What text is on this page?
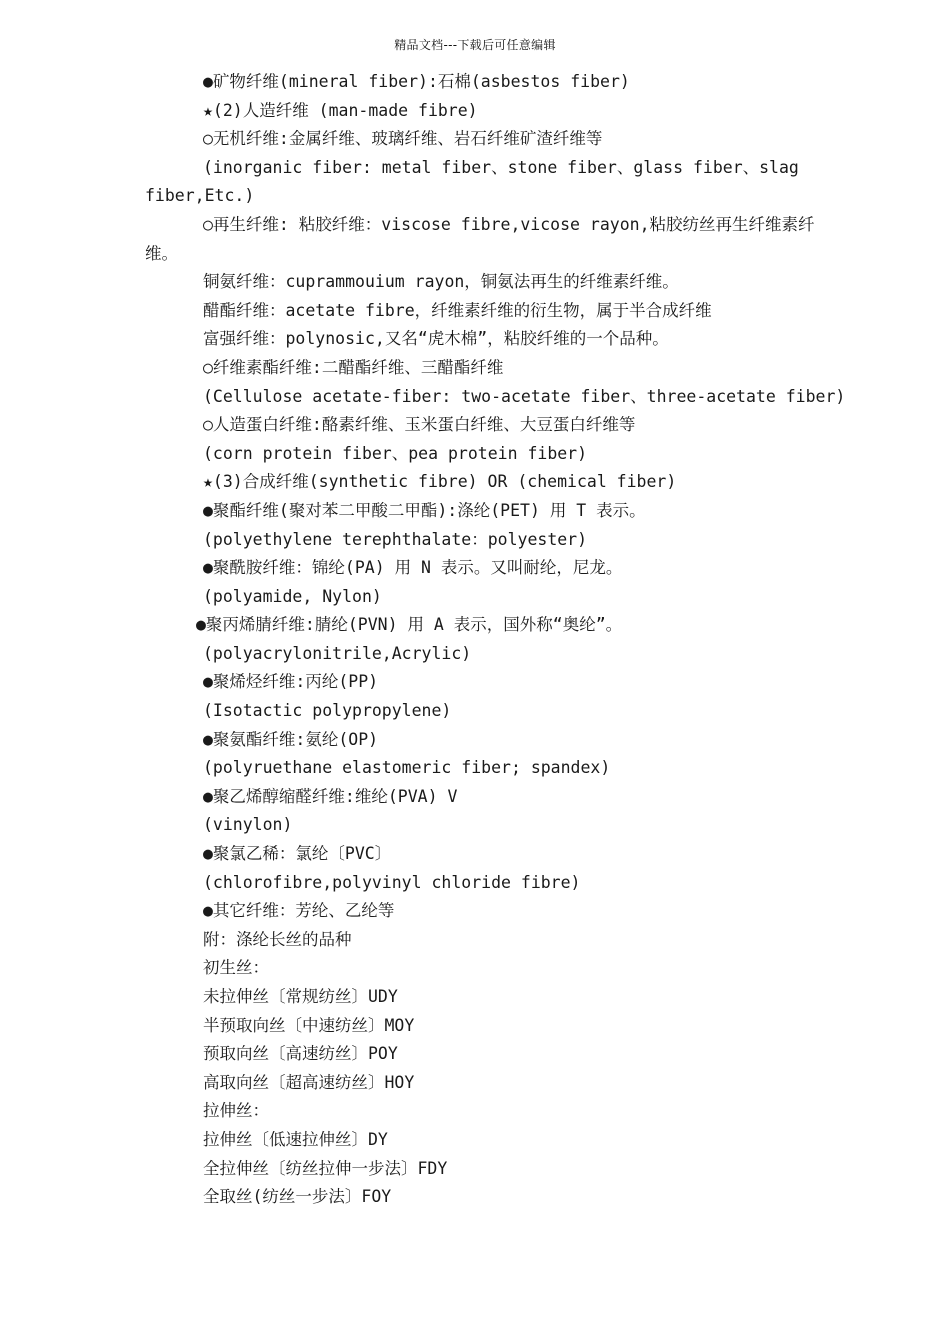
精品文档---下载后可任意编辑
●矿物纤维(mineral fiber):石棉(asbestos fiber)
★(2)人造纤维 (man-made fibre)
○无机纤维:金属纤维、玻璃纤维、岩石纤维矿渣纤维等
(inorganic fiber: metal fiber、stone fiber、glass fiber、slag
fiber,Etc.)
○再生纤维: 粘胶纤维：viscose fibre,vicose rayon,粘胶纺丝再生纤维素纤
维。
铜氨纤维：cuprammouium rayon，铜氨法再生的纤维素纤维。
醋酯纤维：acetate fibre，纤维素纤维的衍生物，属于半合成纤维
富强纤维：polynosic,又名“虎木棉”，粘胶纤维的一个品种。
○纤维素酯纤维:二醋酯纤维、三醋酯纤维
(Cellulose acetate-fiber: two-acetate fiber、three-acetate fiber)
○人造蛋白纤维:酪素纤维、玉米蛋白纤维、大豆蛋白纤维等
(corn protein fiber、pea protein fiber)
★(3)合成纤维(synthetic fibre) OR (chemical fiber)
●聚酯纤维(聚对苯二甲酸二甲酯):涤纶(PET) 用 T 表示。
(polyethylene terephthalate：polyester)
●聚酰胺纤维：锦纶(PA) 用 N 表示。又叫耐纶，尼龙。
(polyamide, Nylon)
●聚丙烯腈纤维:腈纶(PVN) 用 A 表示，国外称“奥纶”。
(polyacrylonitrile,Acrylic)
●聚烯烃纤维:丙纶(PP)
(Isotactic polypropylene)
●聚氨酯纤维:氨纶(OP)
(polyruethane elastomeric fiber; spandex)
●聚乙烯醇缩醛纤维:维纶(PVA) V
(vinylon)
●聚氯乙稀：氯纶〔PVC〕
(chlorofibre,polyvinyl chloride fibre)
●其它纤维：芳纶、乙纶等
附：涤纶长丝的品种
初生丝：
未拉伸丝〔常规纺丝〕UDY
半预取向丝〔中速纺丝〕MOY
预取向丝〔高速纺丝〕POY
高取向丝〔超高速纺丝〕HOY
拉伸丝：
拉伸丝〔低速拉伸丝〕DY
全拉伸丝〔纺丝拉伸一步法〕FDY
全取丝(纺丝一步法〕FOY
